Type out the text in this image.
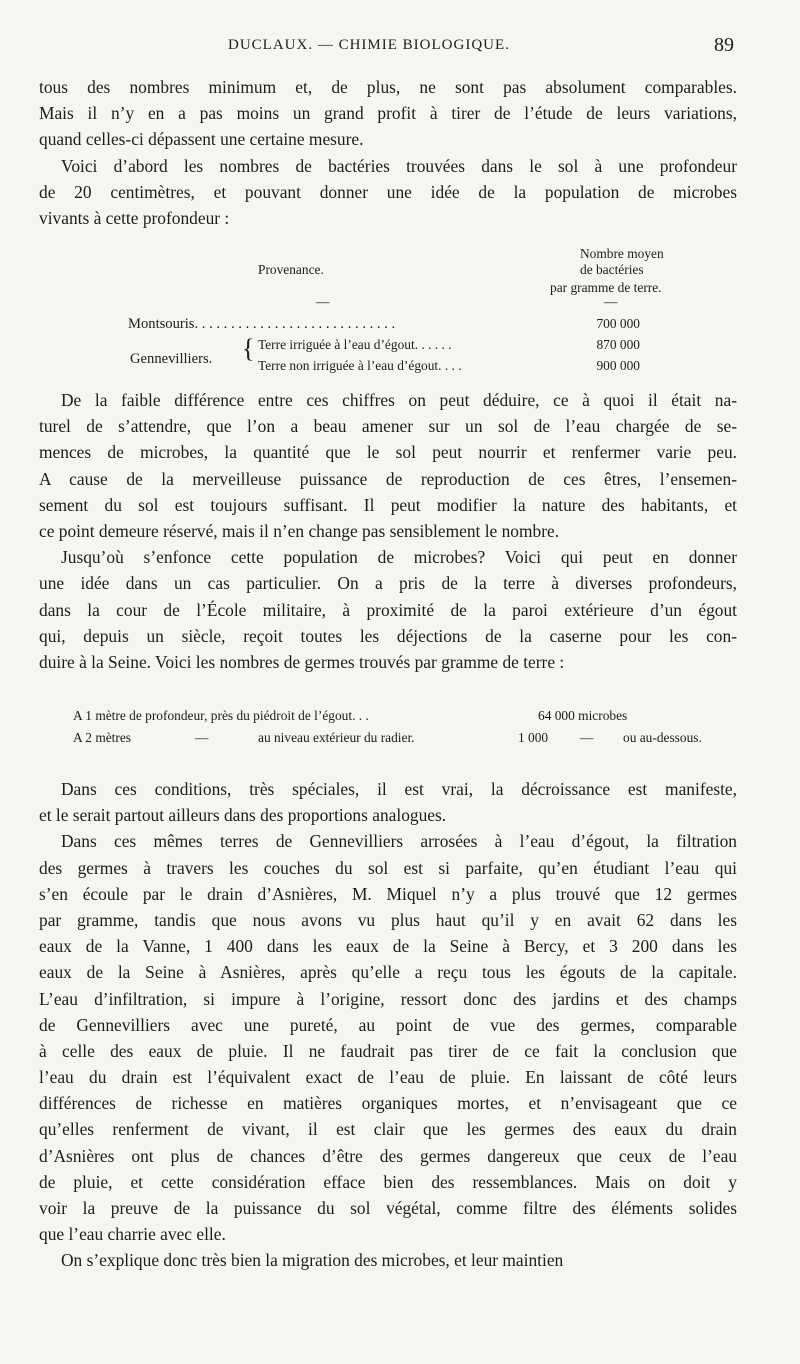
DUCLAUX. — CHIMIE BIOLOGIQUE.	89
tous des nombres minimum et, de plus, ne sont pas absolument comparables.
Mais il n’y en a pas moins un grand profit à tirer de l’étude de leurs variations,
quand celles-ci dépassent une certaine mesure.
Voici d’abord les nombres de bactéries trouvées dans le sol à une profondeur
de 20 centimètres, et pouvant donner une idée de la population de microbes
vivants à cette profondeur :
Provenance.
Nombre moyen
de bactéries
par gramme de terre.
—	—
Montsouris. . . . . . . . . . . . . . . . . . . . . . . . . . . .	700 000
Gennevilliers. { Terre irriguée à l’eau d’égout. . . . . .	870 000
Terre non irriguée à l’eau d’égout. . . .	900 000
De la faible différence entre ces chiffres on peut déduire, ce à quoi il était na-
turel de s’attendre, que l’on a beau amener sur un sol de l’eau chargée de se-
mences de microbes, la quantité que le sol peut nourrir et renfermer varie peu.
A cause de la merveilleuse puissance de reproduction de ces êtres, l’ensemen-
sement du sol est toujours suffisant. Il peut modifier la nature des habitants, et
ce point demeure réservé, mais il n’en change pas sensiblement le nombre.
Jusqu’où s’enfonce cette population de microbes? Voici qui peut en donner
une idée dans un cas particulier. On a pris de la terre à diverses profondeurs,
dans la cour de l’École militaire, à proximité de la paroi extérieure d’un égout
qui, depuis un siècle, reçoit toutes les déjections de la caserne pour les con-
duire à la Seine. Voici les nombres de germes trouvés par gramme de terre :
A 1 mètre de profondeur, près du piédroit de l’égout. . .	64 000 microbes
A 2 mètres	—	au niveau extérieur du radier.	1 000 — ou au-dessous.
Dans ces conditions, très spéciales, il est vrai, la décroissance est manifeste,
et le serait partout ailleurs dans des proportions analogues.
Dans ces mêmes terres de Gennevilliers arrosées à l’eau d’égout, la filtration
des germes à travers les couches du sol est si parfaite, qu’en étudiant l’eau qui
s’en écoule par le drain d’Asnières, M. Miquel n’y a plus trouvé que 12 germes
par gramme, tandis que nous avons vu plus haut qu’il y en avait 62 dans les
eaux de la Vanne, 1 400 dans les eaux de la Seine à Bercy, et 3 200 dans les
eaux de la Seine à Asnières, après qu’elle a reçu tous les égouts de la capitale.
L’eau d’infiltration, si impure à l’origine, ressort donc des jardins et des champs
de Gennevilliers avec une pureté, au point de vue des germes, comparable
à celle des eaux de pluie. Il ne faudrait pas tirer de ce fait la conclusion que
l’eau du drain est l’équivalent exact de l’eau de pluie. En laissant de côté leurs
différences de richesse en matières organiques mortes, et n’envisageant que ce
qu’elles renferment de vivant, il est clair que les germes des eaux du drain
d’Asnières ont plus de chances d’être des germes dangereux que ceux de l’eau
de pluie, et cette considération efface bien des ressemblances. Mais on doit y
voir la preuve de la puissance du sol végétal, comme filtre des éléments solides
que l’eau charrie avec elle.
On s’explique donc très bien la migration des microbes, et leur maintien
